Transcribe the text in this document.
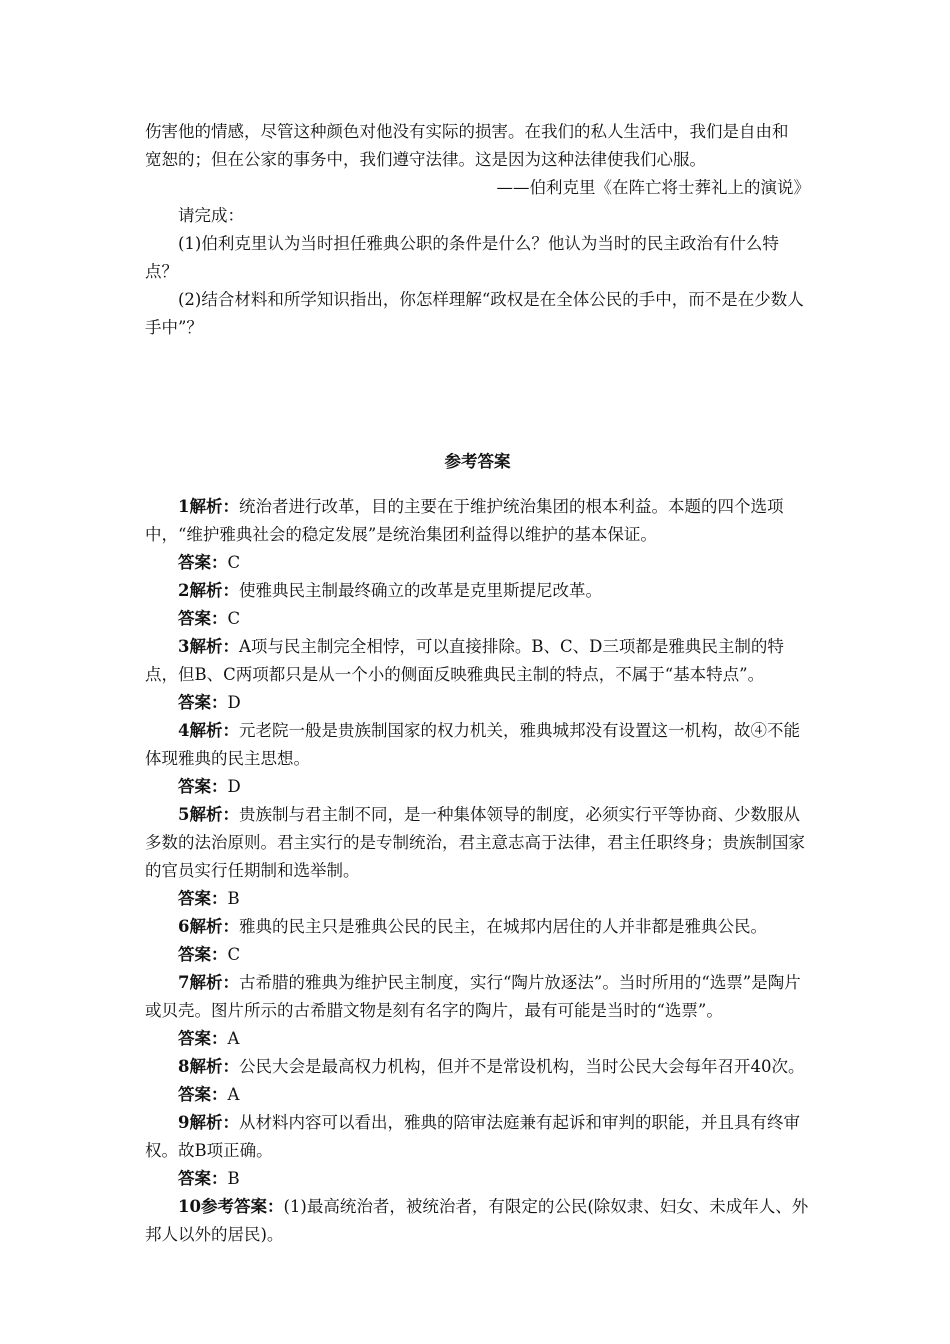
伤害他的情感，尽管这种颜色对他没有实际的损害。在我们的私人生活中，我们是自由和

宽恕的；但在公家的事务中，我们遵守法律。这是因为这种法律使我们心服。

——伯利克里《在阵亡将士葬礼上的演说》

请完成：

(1)伯利克里认为当时担任雅典公职的条件是什么？他认为当时的民主政治有什么特点？

(2)结合材料和所学知识指出，你怎样理解“政权是在全体公民的手中，而不是在少数人手中”？

参考答案

1解析：统治者进行改革，目的主要在于维护统治集团的根本利益。本题的四个选项中，“维护雅典社会的稳定发展”是统治集团利益得以维护的基本保证。

答案：C

2解析：使雅典民主制最终确立的改革是克里斯提尼改革。

答案：C

3解析：A项与民主制完全相悖，可以直接排除。B、C、D三项都是雅典民主制的特点，但B、C两项都只是从一个小的侧面反映雅典民主制的特点，不属于“基本特点”。

答案：D

4解析：元老院一般是贵族制国家的权力机关，雅典城邦没有设置这一机构，故④不能体现雅典的民主思想。

答案：D

5解析：贵族制与君主制不同，是一种集体领导的制度，必须实行平等协商、少数服从多数的法治原则。君主实行的是专制统治，君主意志高于法律，君主任职终身；贵族制国家的官员实行任期制和选举制。

答案：B

6解析：雅典的民主只是雅典公民的民主，在城邦内居住的人并非都是雅典公民。

答案：C

7解析：古希腊的雅典为维护民主制度，实行“陶片放逐法”。当时所用的“选票”是陶片或贝壳。图片所示的古希腊文物是刻有名字的陶片，最有可能是当时的“选票”。

答案：A

8解析：公民大会是最高权力机构，但并不是常设机构，当时公民大会每年召开40次。

答案：A

9解析：从材料内容可以看出，雅典的陪审法庭兼有起诉和审判的职能，并且具有终审权。故B项正确。

答案：B

10参考答案：(1)最高统治者，被统治者，有限定的公民(除奴隶、妇女、未成年人、外邦人以外的居民)。
